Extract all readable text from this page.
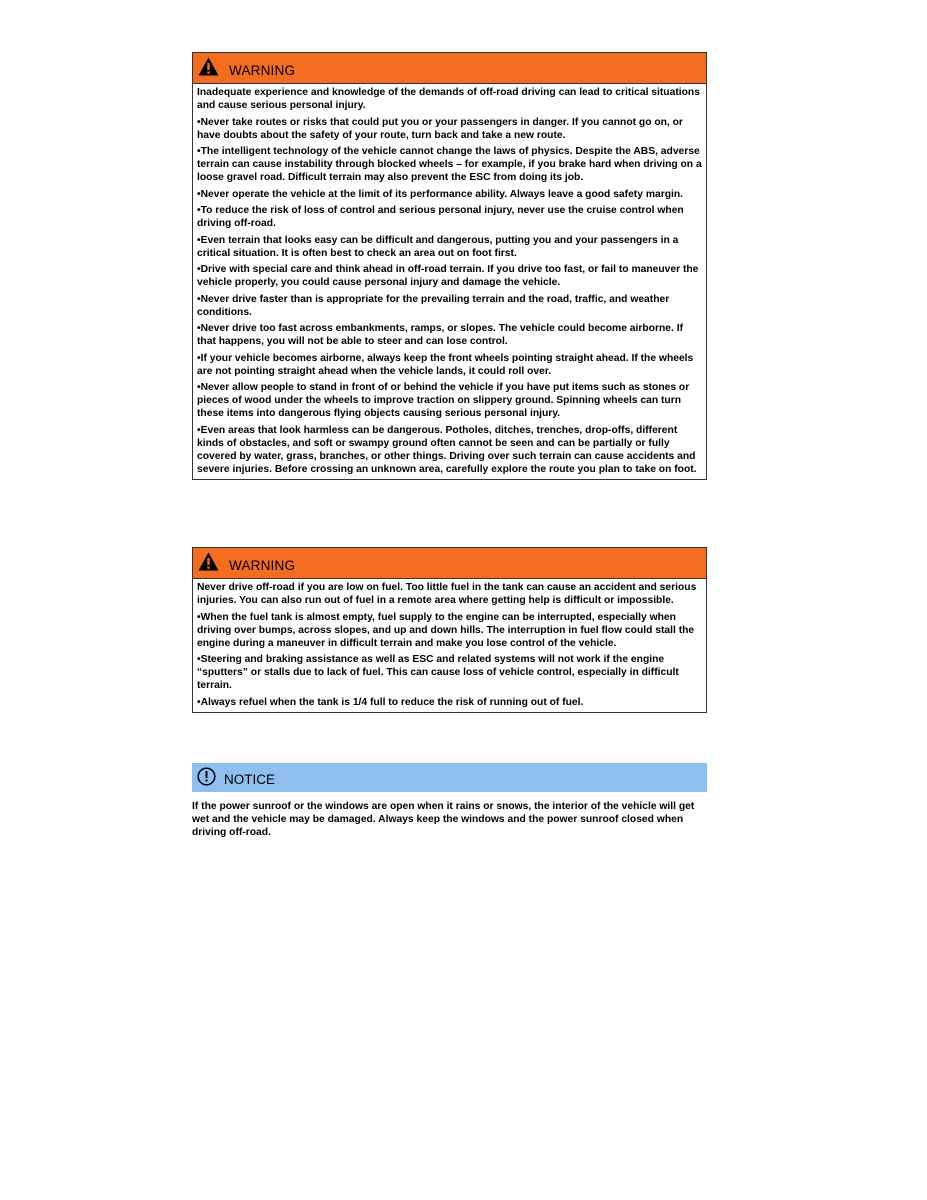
WARNING

Inadequate experience and knowledge of the demands of off-road driving can lead to critical situations and cause serious personal injury.

•Never take routes or risks that could put you or your passengers in danger. If you cannot go on, or have doubts about the safety of your route, turn back and take a new route.

•The intelligent technology of the vehicle cannot change the laws of physics. Despite the ABS, adverse terrain can cause instability through blocked wheels – for example, if you brake hard when driving on a loose gravel road. Difficult terrain may also prevent the ESC from doing its job.

•Never operate the vehicle at the limit of its performance ability. Always leave a good safety margin.

•To reduce the risk of loss of control and serious personal injury, never use the cruise control when driving off-road.

•Even terrain that looks easy can be difficult and dangerous, putting you and your passengers in a critical situation. It is often best to check an area out on foot first.

•Drive with special care and think ahead in off-road terrain. If you drive too fast, or fail to maneuver the vehicle properly, you could cause personal injury and damage the vehicle.

•Never drive faster than is appropriate for the prevailing terrain and the road, traffic, and weather conditions.

•Never drive too fast across embankments, ramps, or slopes. The vehicle could become airborne. If that happens, you will not be able to steer and can lose control.

•If your vehicle becomes airborne, always keep the front wheels pointing straight ahead. If the wheels are not pointing straight ahead when the vehicle lands, it could roll over.

•Never allow people to stand in front of or behind the vehicle if you have put items such as stones or pieces of wood under the wheels to improve traction on slippery ground. Spinning wheels can turn these items into dangerous flying objects causing serious personal injury.

•Even areas that look harmless can be dangerous. Potholes, ditches, trenches, drop-offs, different kinds of obstacles, and soft or swampy ground often cannot be seen and can be partially or fully covered by water, grass, branches, or other things. Driving over such terrain can cause accidents and severe injuries. Before crossing an unknown area, carefully explore the route you plan to take on foot.

WARNING

Never drive off-road if you are low on fuel. Too little fuel in the tank can cause an accident and serious injuries. You can also run out of fuel in a remote area where getting help is difficult or impossible.

•When the fuel tank is almost empty, fuel supply to the engine can be interrupted, especially when driving over bumps, across slopes, and up and down hills. The interruption in fuel flow could stall the engine during a maneuver in difficult terrain and make you lose control of the vehicle.

•Steering and braking assistance as well as ESC and related systems will not work if the engine “sputters” or stalls due to lack of fuel. This can cause loss of vehicle control, especially in difficult terrain.

•Always refuel when the tank is 1/4 full to reduce the risk of running out of fuel.

NOTICE

If the power sunroof or the windows are open when it rains or snows, the interior of the vehicle will get wet and the vehicle may be damaged. Always keep the windows and the power sunroof closed when driving off-road.
